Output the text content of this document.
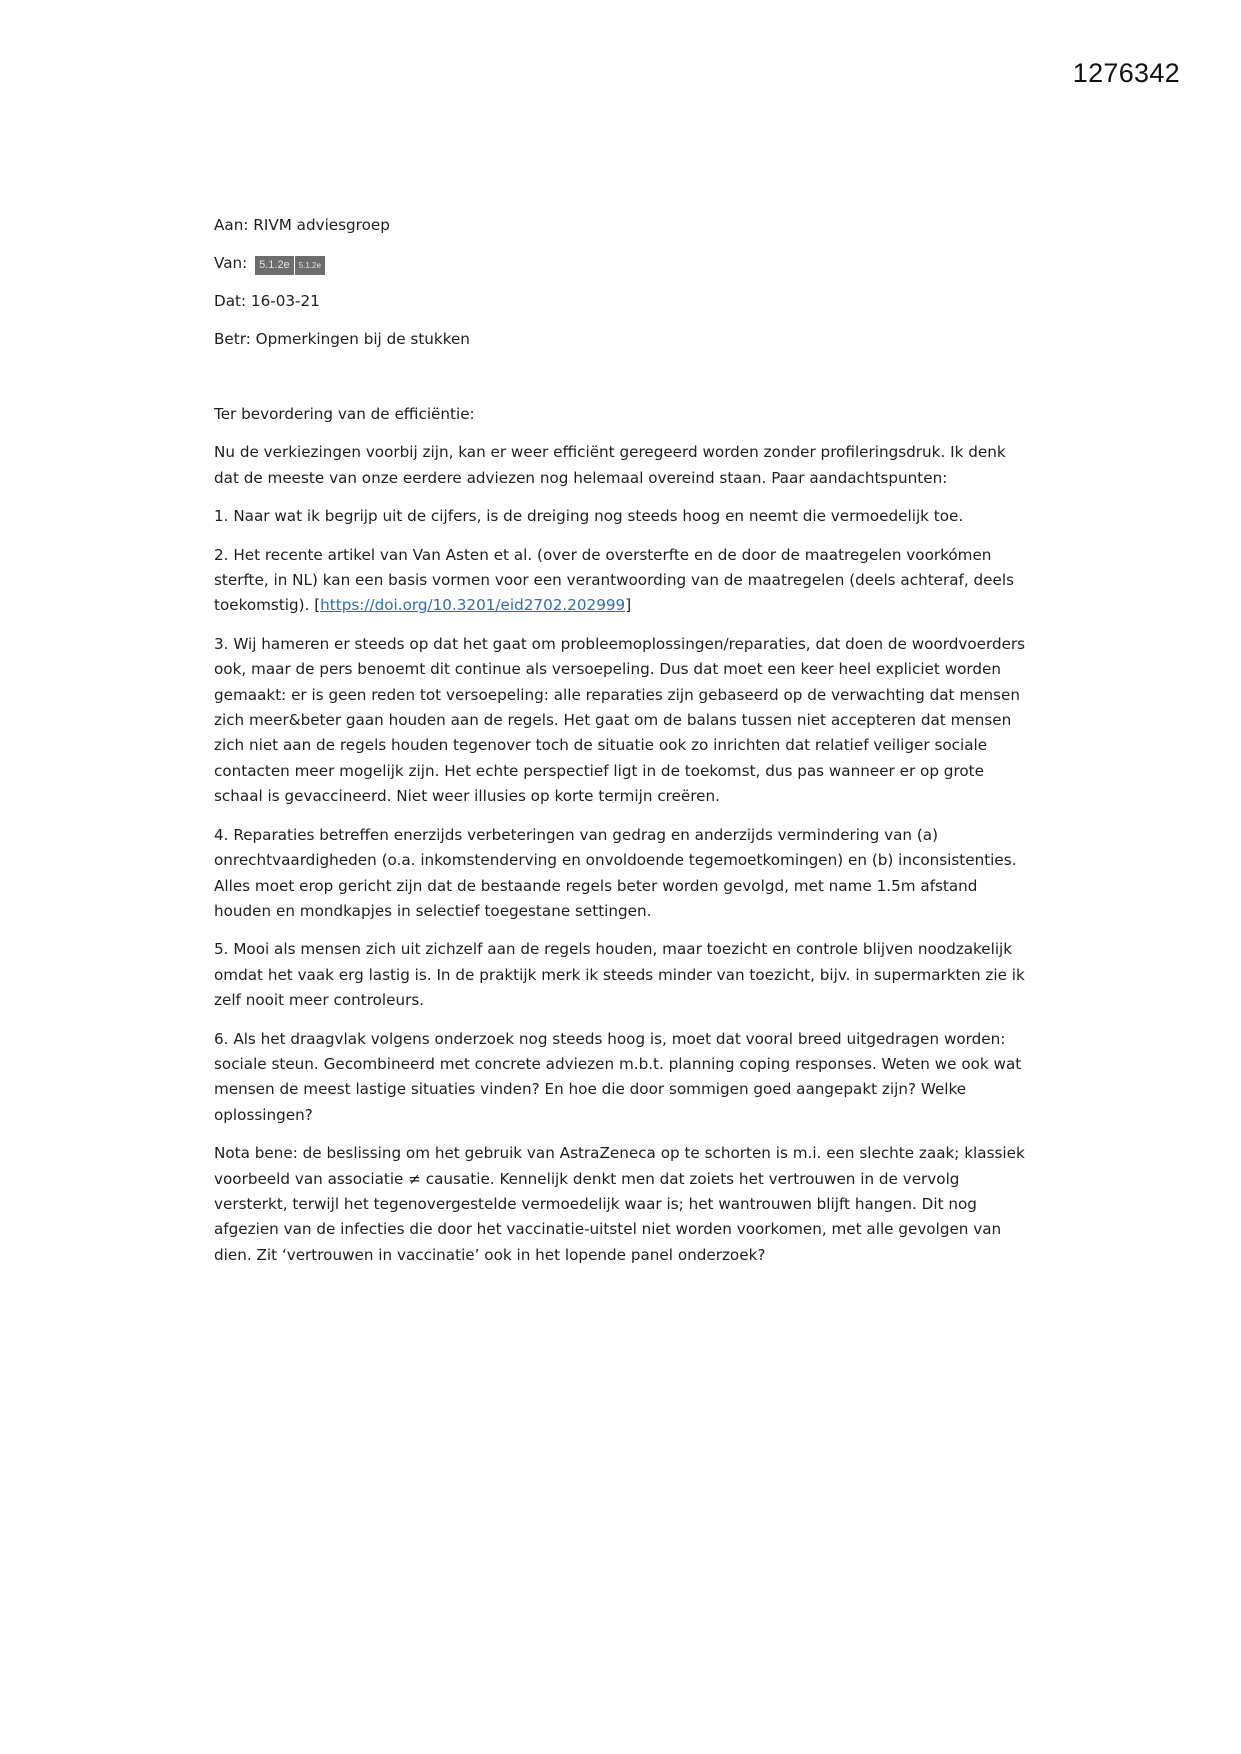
1276342
Aan: RIVM adviesgroep
Van: 5.1.2e 5.1.2e
Dat: 16-03-21
Betr: Opmerkingen bij de stukken

Ter bevordering van de efficiëntie:

Nu de verkiezingen voorbij zijn, kan er weer efficiënt geregeerd worden zonder profileringsdruk. Ik denk dat de meeste van onze eerdere adviezen nog helemaal overeind staan. Paar aandachtspunten:

1. Naar wat ik begrijp uit de cijfers, is de dreiging nog steeds hoog en neemt die vermoedelijk toe.

2. Het recente artikel van Van Asten et al. (over de oversterfte en de door de maatregelen voorkómen sterfte, in NL) kan een basis vormen voor een verantwoording van de maatregelen (deels achteraf, deels toekomstig). [https://doi.org/10.3201/eid2702.202999]

3. Wij hameren er steeds op dat het gaat om probleemoplossingen/reparaties, dat doen de woordvoerders ook, maar de pers benoemt dit continue als versoepeling. Dus dat moet een keer heel expliciet worden gemaakt: er is geen reden tot versoepeling: alle reparaties zijn gebaseerd op de verwachting dat mensen zich meer&beter gaan houden aan de regels. Het gaat om de balans tussen niet accepteren dat mensen zich niet aan de regels houden tegenover toch de situatie ook zo inrichten dat relatief veiliger sociale contacten meer mogelijk zijn. Het echte perspectief ligt in de toekomst, dus pas wanneer er op grote schaal is gevaccineerd. Niet weer illusies op korte termijn creëren.

4. Reparaties betreffen enerzijds verbeteringen van gedrag en anderzijds vermindering van (a) onrechtvaardigheden (o.a. inkomstenderving en onvoldoende tegemoetkomingen) en (b) inconsistenties. Alles moet erop gericht zijn dat de bestaande regels beter worden gevolgd, met name 1.5m afstand houden en mondkapjes in selectief toegestane settingen.

5. Mooi als mensen zich uit zichzelf aan de regels houden, maar toezicht en controle blijven noodzakelijk omdat het vaak erg lastig is. In de praktijk merk ik steeds minder van toezicht, bijv. in supermarkten zie ik zelf nooit meer controleurs.

6. Als het draagvlak volgens onderzoek nog steeds hoog is, moet dat vooral breed uitgedragen worden: sociale steun. Gecombineerd met concrete adviezen m.b.t. planning coping responses. Weten we ook wat mensen de meest lastige situaties vinden? En hoe die door sommigen goed aangepakt zijn? Welke oplossingen?

Nota bene: de beslissing om het gebruik van AstraZeneca op te schorten is m.i. een slechte zaak; klassiek voorbeeld van associatie ≠ causatie. Kennelijk denkt men dat zoiets het vertrouwen in de vervolg versterkt, terwijl het tegenovergestelde vermoedelijk waar is; het wantrouwen blijft hangen. Dit nog afgezien van de infecties die door het vaccinatie-uitstel niet worden voorkomen, met alle gevolgen van dien. Zit ‘vertrouwen in vaccinatie’ ook in het lopende panel onderzoek?
